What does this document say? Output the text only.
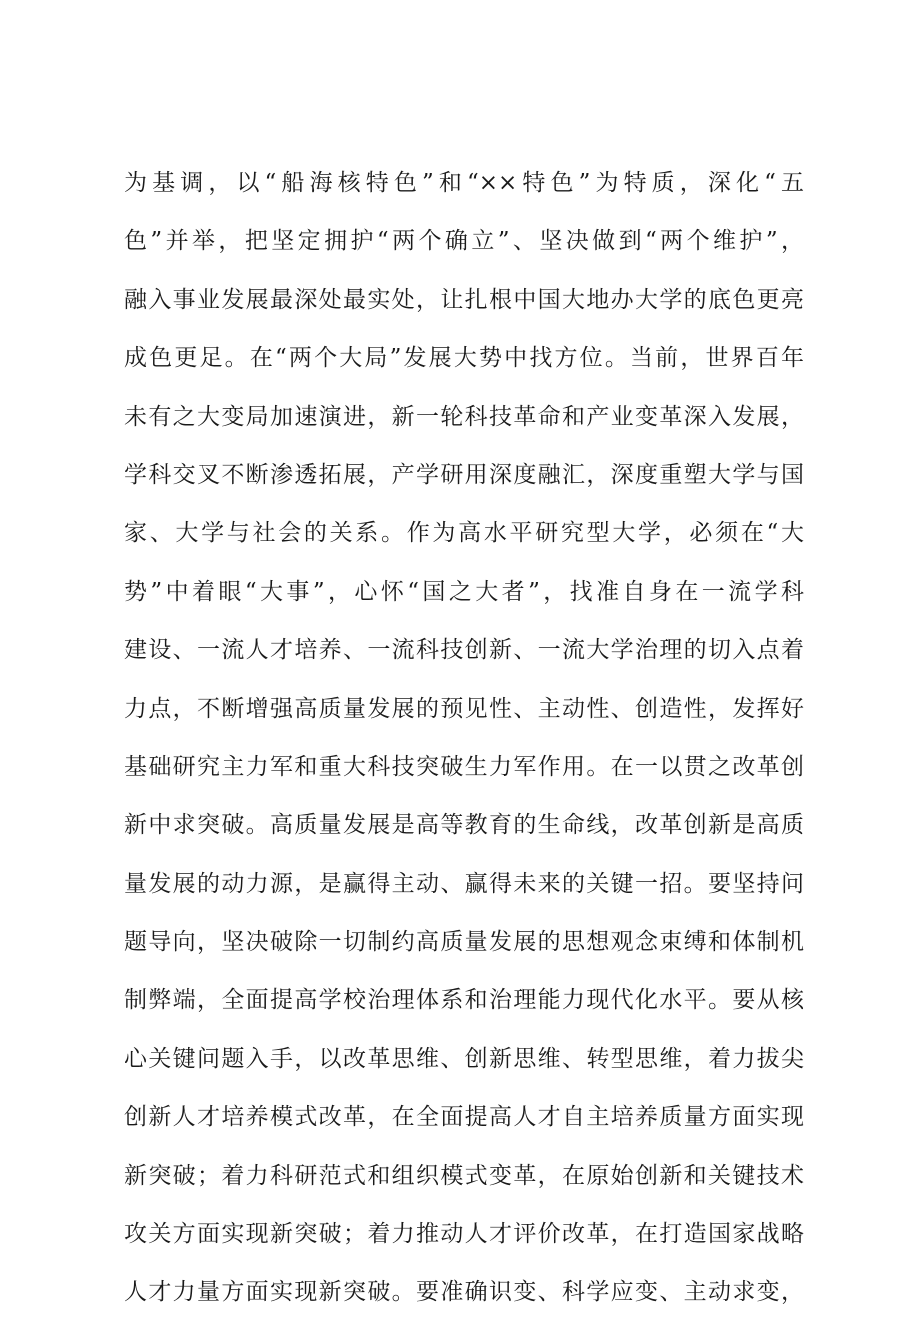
为基调，以“船海核特色”和“××特色”为特质，深化“五
色”并举，把坚定拥护“两个确立”、坚决做到“两个维护”，
融入事业发展最深处最实处，让扎根中国大地办大学的底色更亮
成色更足。在“两个大局”发展大势中找方位。当前，世界百年
未有之大变局加速演进，新一轮科技革命和产业变革深入发展，
学科交叉不断渗透拓展，产学研用深度融汇，深度重塑大学与国
家、大学与社会的关系。作为高水平研究型大学，必须在“大
势”中着眼“大事”，心怀“国之大者”，找准自身在一流学科
建设、一流人才培养、一流科技创新、一流大学治理的切入点着
力点，不断增强高质量发展的预见性、主动性、创造性，发挥好
基础研究主力军和重大科技突破生力军作用。在一以贯之改革创
新中求突破。高质量发展是高等教育的生命线，改革创新是高质
量发展的动力源，是赢得主动、赢得未来的关键一招。要坚持问
题导向，坚决破除一切制约高质量发展的思想观念束缚和体制机
制弊端，全面提高学校治理体系和治理能力现代化水平。要从核
心关键问题入手，以改革思维、创新思维、转型思维，着力拔尖
创新人才培养模式改革，在全面提高人才自主培养质量方面实现
新突破；着力科研范式和组织模式变革，在原始创新和关键技术
攻关方面实现新突破；着力推动人才评价改革，在打造国家战略
人才力量方面实现新突破。要准确识变、科学应变、主动求变，
